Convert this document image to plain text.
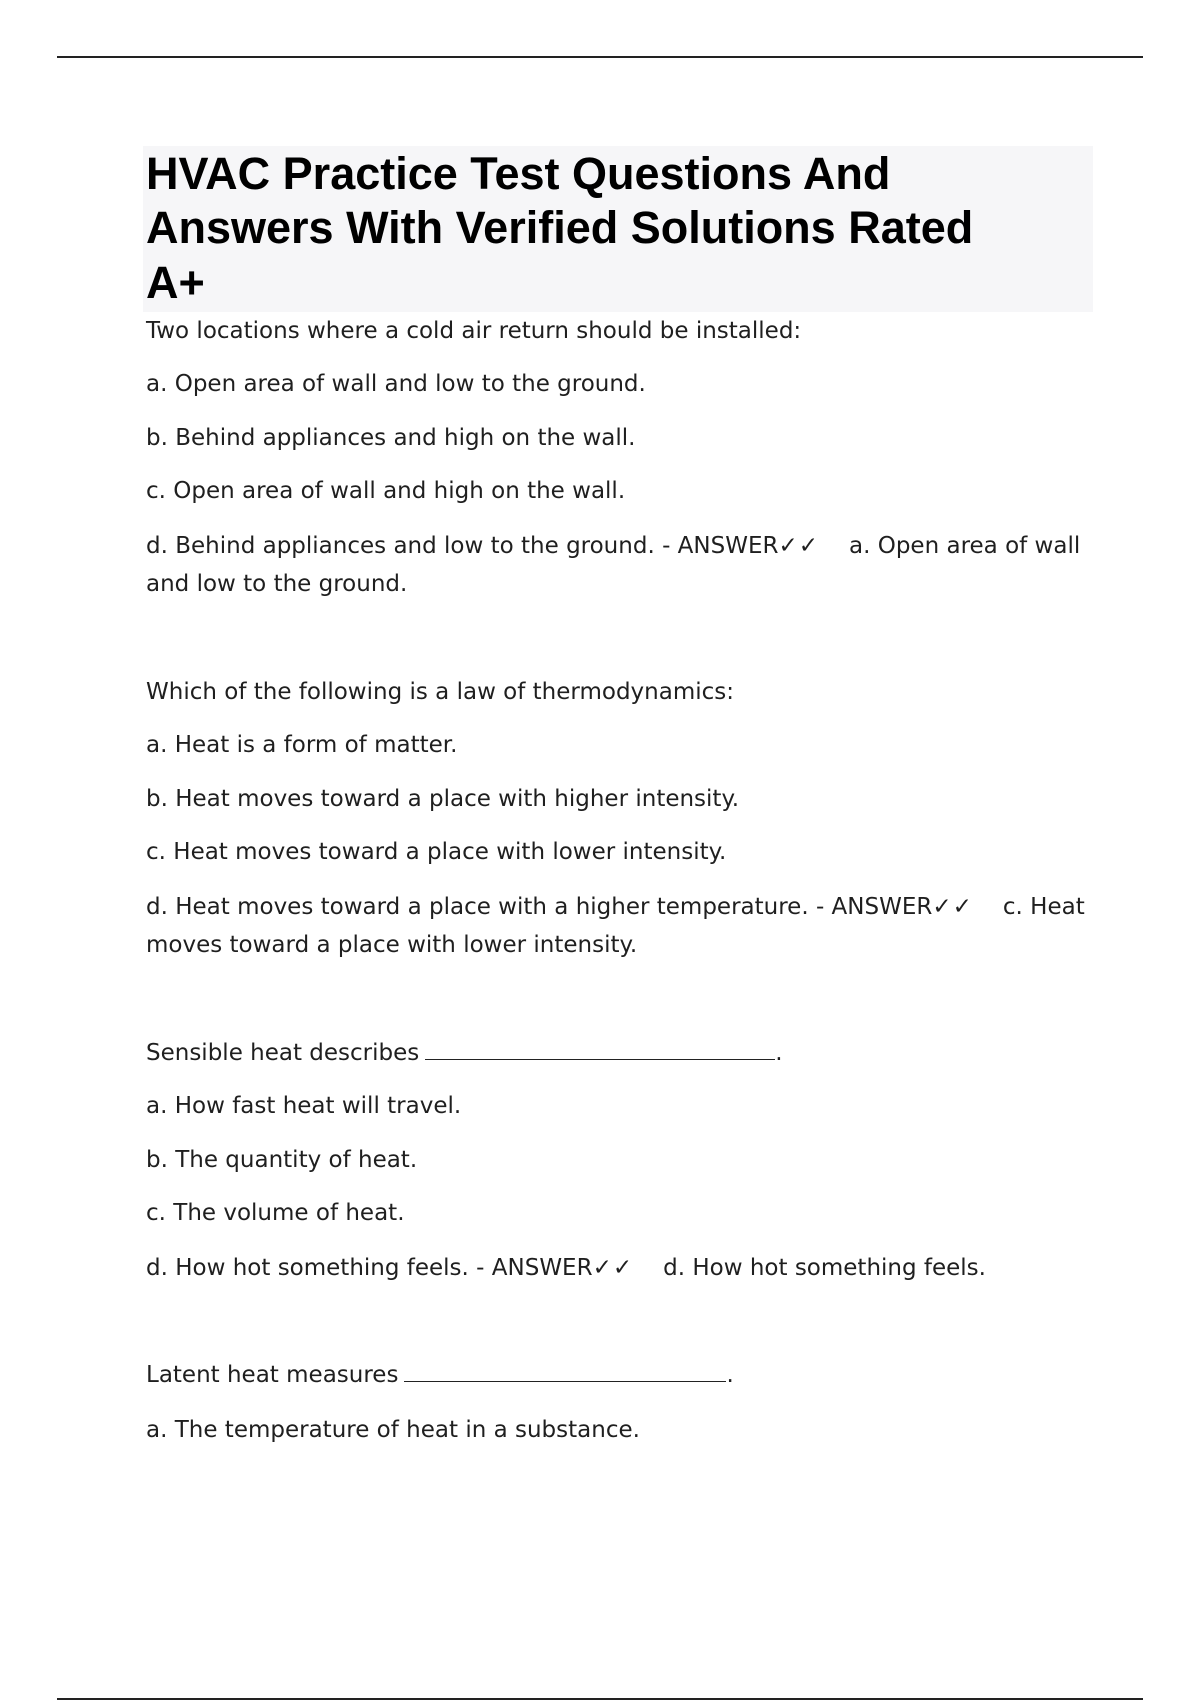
HVAC Practice Test Questions And
Answers With Verified Solutions Rated
A+
Two locations where a cold air return should be installed:
a. Open area of wall and low to the ground.
b. Behind appliances and high on the wall.
c. Open area of wall and high on the wall.
d. Behind appliances and low to the ground. - ANSWER✓✓ a. Open area of wall
and low to the ground.
Which of the following is a law of thermodynamics:
a. Heat is a form of matter.
b. Heat moves toward a place with higher intensity.
c. Heat moves toward a place with lower intensity.
d. Heat moves toward a place with a higher temperature. - ANSWER✓✓ c. Heat
moves toward a place with lower intensity.
Sensible heat describes	.
a. How fast heat will travel.
b. The quantity of heat.
c. The volume of heat.
d. How hot something feels. - ANSWER✓✓ d. How hot something feels.
Latent heat measures	.
a. The temperature of heat in a substance.
